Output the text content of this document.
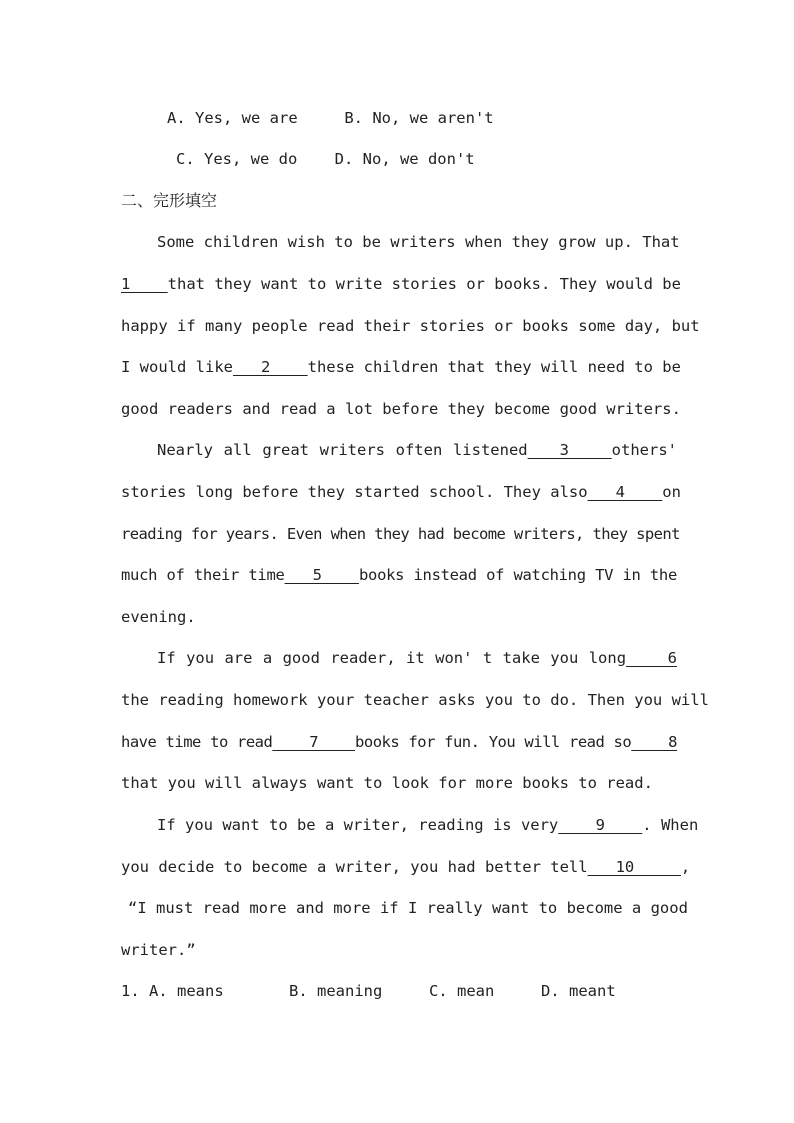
A. Yes, we are	B. No, we aren't
C. Yes, we do D. No, we don't
二、完形填空
Some children wish to be writers when they grow up. That
1    that they want to write stories or books. They would be
happy if many people read their stories or books some day, but
I would like   2    these children that they will need to be
good readers and read a lot before they become good writers.
Nearly all great writers often listened   3    others'
stories long before they started school. They also   4    on
reading for years. Even when they had become writers, they spent
much of their time   5    books instead of watching TV in the
evening.
If you are a good reader, it won' t take you long    6
the reading homework your teacher asks you to do. Then you will
have time to read    7    books for fun. You will read so    8
that you will always want to look for more books to read.
If you want to be a writer, reading is very    9    . When
you decide to become a writer, you had better tell   10     ,
“I must read more and more if I really want to become a good
writer.”
1. A. means	B. meaning	C. mean	D. meant
